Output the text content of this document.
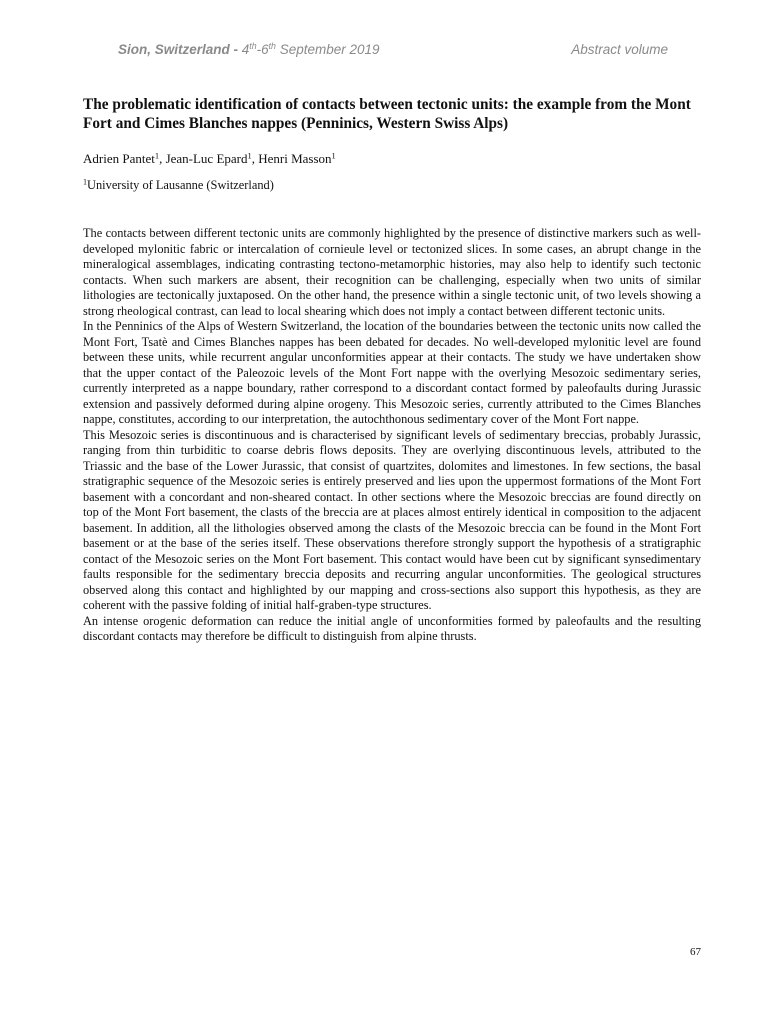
Sion, Switzerland - 4th-6th September 2019	Abstract volume
The problematic identification of contacts between tectonic units: the example from the Mont Fort and Cimes Blanches nappes (Penninics, Western Swiss Alps)

Adrien Pantet$^1$, Jean-Luc Epard$^1$, Henri Masson$^1$

$^1$University of Lausanne (Switzerland)

The contacts between different tectonic units are commonly highlighted by the presence of distinctive markers such as well-developed mylonitic fabric or intercalation of cornieule level or tectonized slices. In some cases, an abrupt change in the mineralogical assemblages, indicating contrasting tectono-metamorphic histories, may also help to identify such tectonic contacts. When such markers are absent, their recognition can be challenging, especially when two units of similar lithologies are tectonically juxtaposed. On the other hand, the presence within a single tectonic unit, of two levels showing a strong rheological contrast, can lead to local shearing which does not imply a contact between different tectonic units.

In the Penninics of the Alps of Western Switzerland, the location of the boundaries between the tectonic units now called the Mont Fort, Tsatè and Cimes Blanches nappes has been debated for decades. No well-developed mylonitic level are found between these units, while recurrent angular unconformities appear at their contacts. The study we have undertaken show that the upper contact of the Paleozoic levels of the Mont Fort nappe with the overlying Mesozoic sedimentary series, currently interpreted as a nappe boundary, rather correspond to a discordant contact formed by paleofaults during Jurassic extension and passively deformed during alpine orogeny. This Mesozoic series, currently attributed to the Cimes Blanches nappe, constitutes, according to our interpretation, the autochthonous sedimentary cover of the Mont Fort nappe.

This Mesozoic series is discontinuous and is characterised by significant levels of sedimentary breccias, probably Jurassic, ranging from thin turbiditic to coarse debris flows deposits. They are overlying discontinuous levels, attributed to the Triassic and the base of the Lower Jurassic, that consist of quartzites, dolomites and limestones. In few sections, the basal stratigraphic sequence of the Mesozoic series is entirely preserved and lies upon the uppermost formations of the Mont Fort basement with a concordant and non-sheared contact. In other sections where the Mesozoic breccias are found directly on top of the Mont Fort basement, the clasts of the breccia are at places almost entirely identical in composition to the adjacent basement. In addition, all the lithologies observed among the clasts of the Mesozoic breccia can be found in the Mont Fort basement or at the base of the series itself. These observations therefore strongly support the hypothesis of a stratigraphic contact of the Mesozoic series on the Mont Fort basement. This contact would have been cut by significant synsedimentary faults responsible for the sedimentary breccia deposits and recurring angular unconformities. The geological structures observed along this contact and highlighted by our mapping and cross-sections also support this hypothesis, as they are coherent with the passive folding of initial half-graben-type structures.

An intense orogenic deformation can reduce the initial angle of unconformities formed by paleofaults and the resulting discordant contacts may therefore be difficult to distinguish from alpine thrusts.

67
